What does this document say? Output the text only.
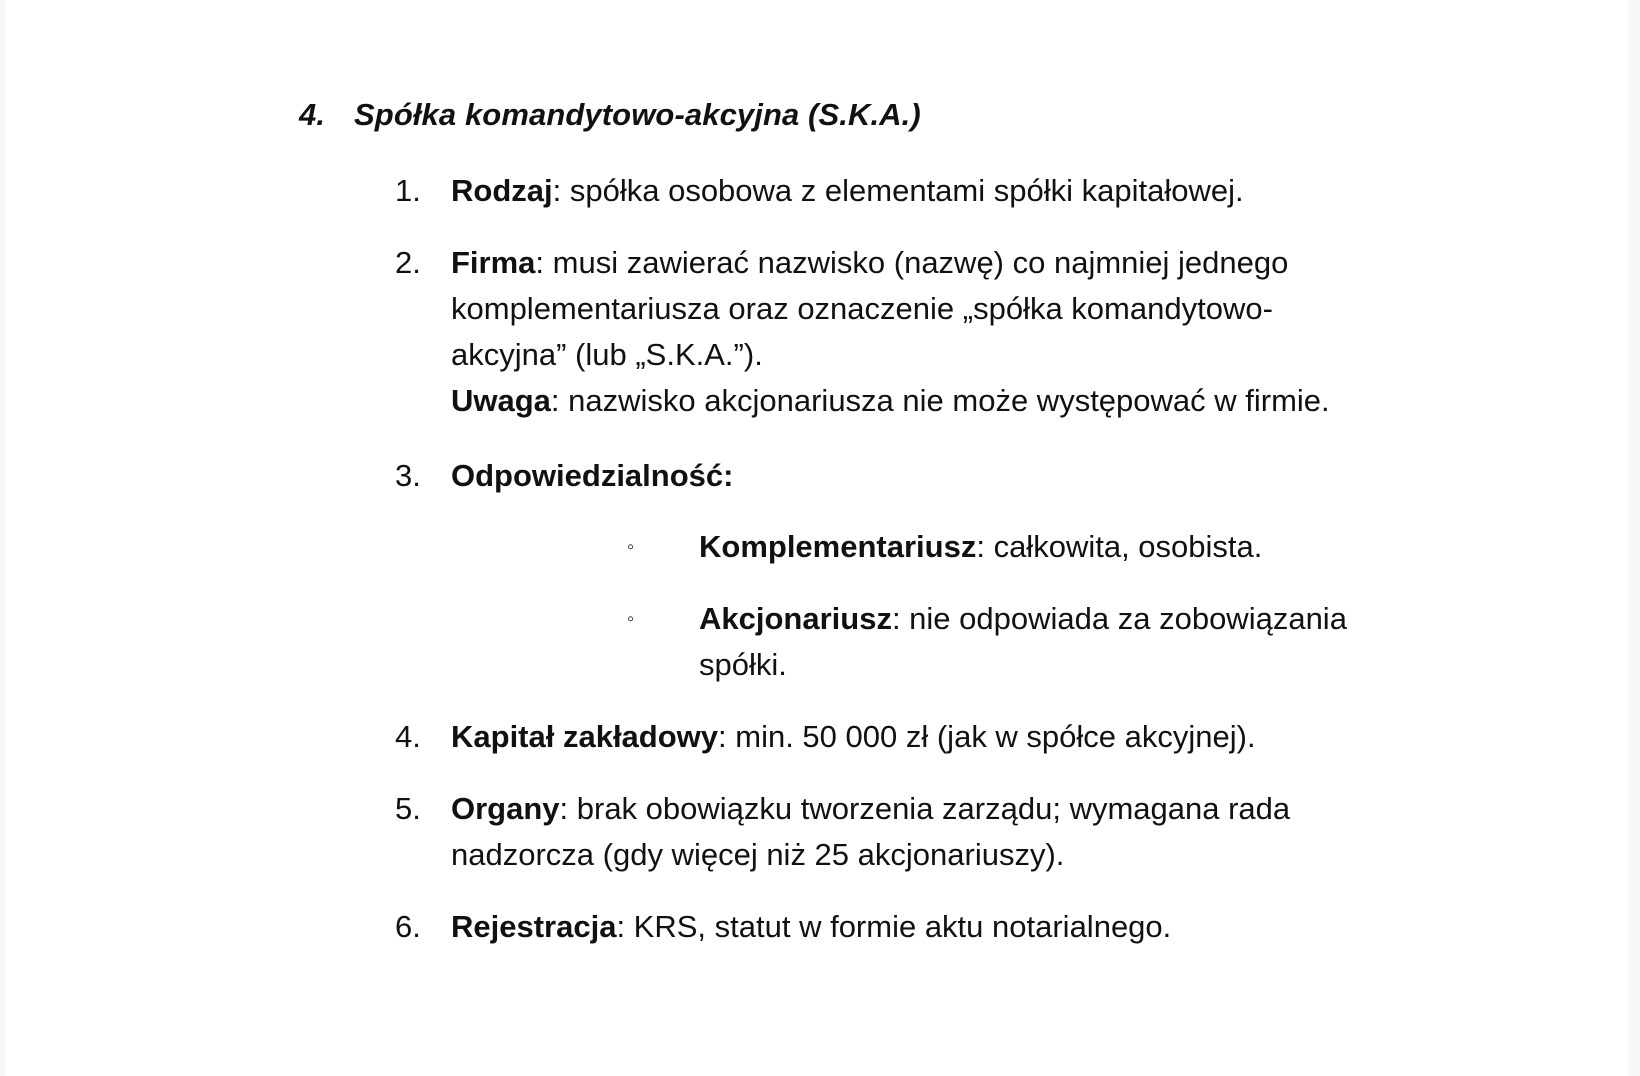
4. Spółka komandytowo-akcyjna (S.K.A.)
1. Rodzaj: spółka osobowa z elementami spółki kapitałowej.
2. Firma: musi zawierać nazwisko (nazwę) co najmniej jednego komplementariusza oraz oznaczenie „spółka komandytowo-akcyjna” (lub „S.K.A.”).
Uwaga: nazwisko akcjonariusza nie może występować w firmie.
3. Odpowiedzialność:
◦ Komplementariusz: całkowita, osobista.
◦ Akcjonariusz: nie odpowiada za zobowiązania spółki.
4. Kapitał zakładowy: min. 50 000 zł (jak w spółce akcyjnej).
5. Organy: brak obowiązku tworzenia zarządu; wymagana rada nadzorcza (gdy więcej niż 25 akcjonariuszy).
6. Rejestracja: KRS, statut w formie aktu notarialnego.
